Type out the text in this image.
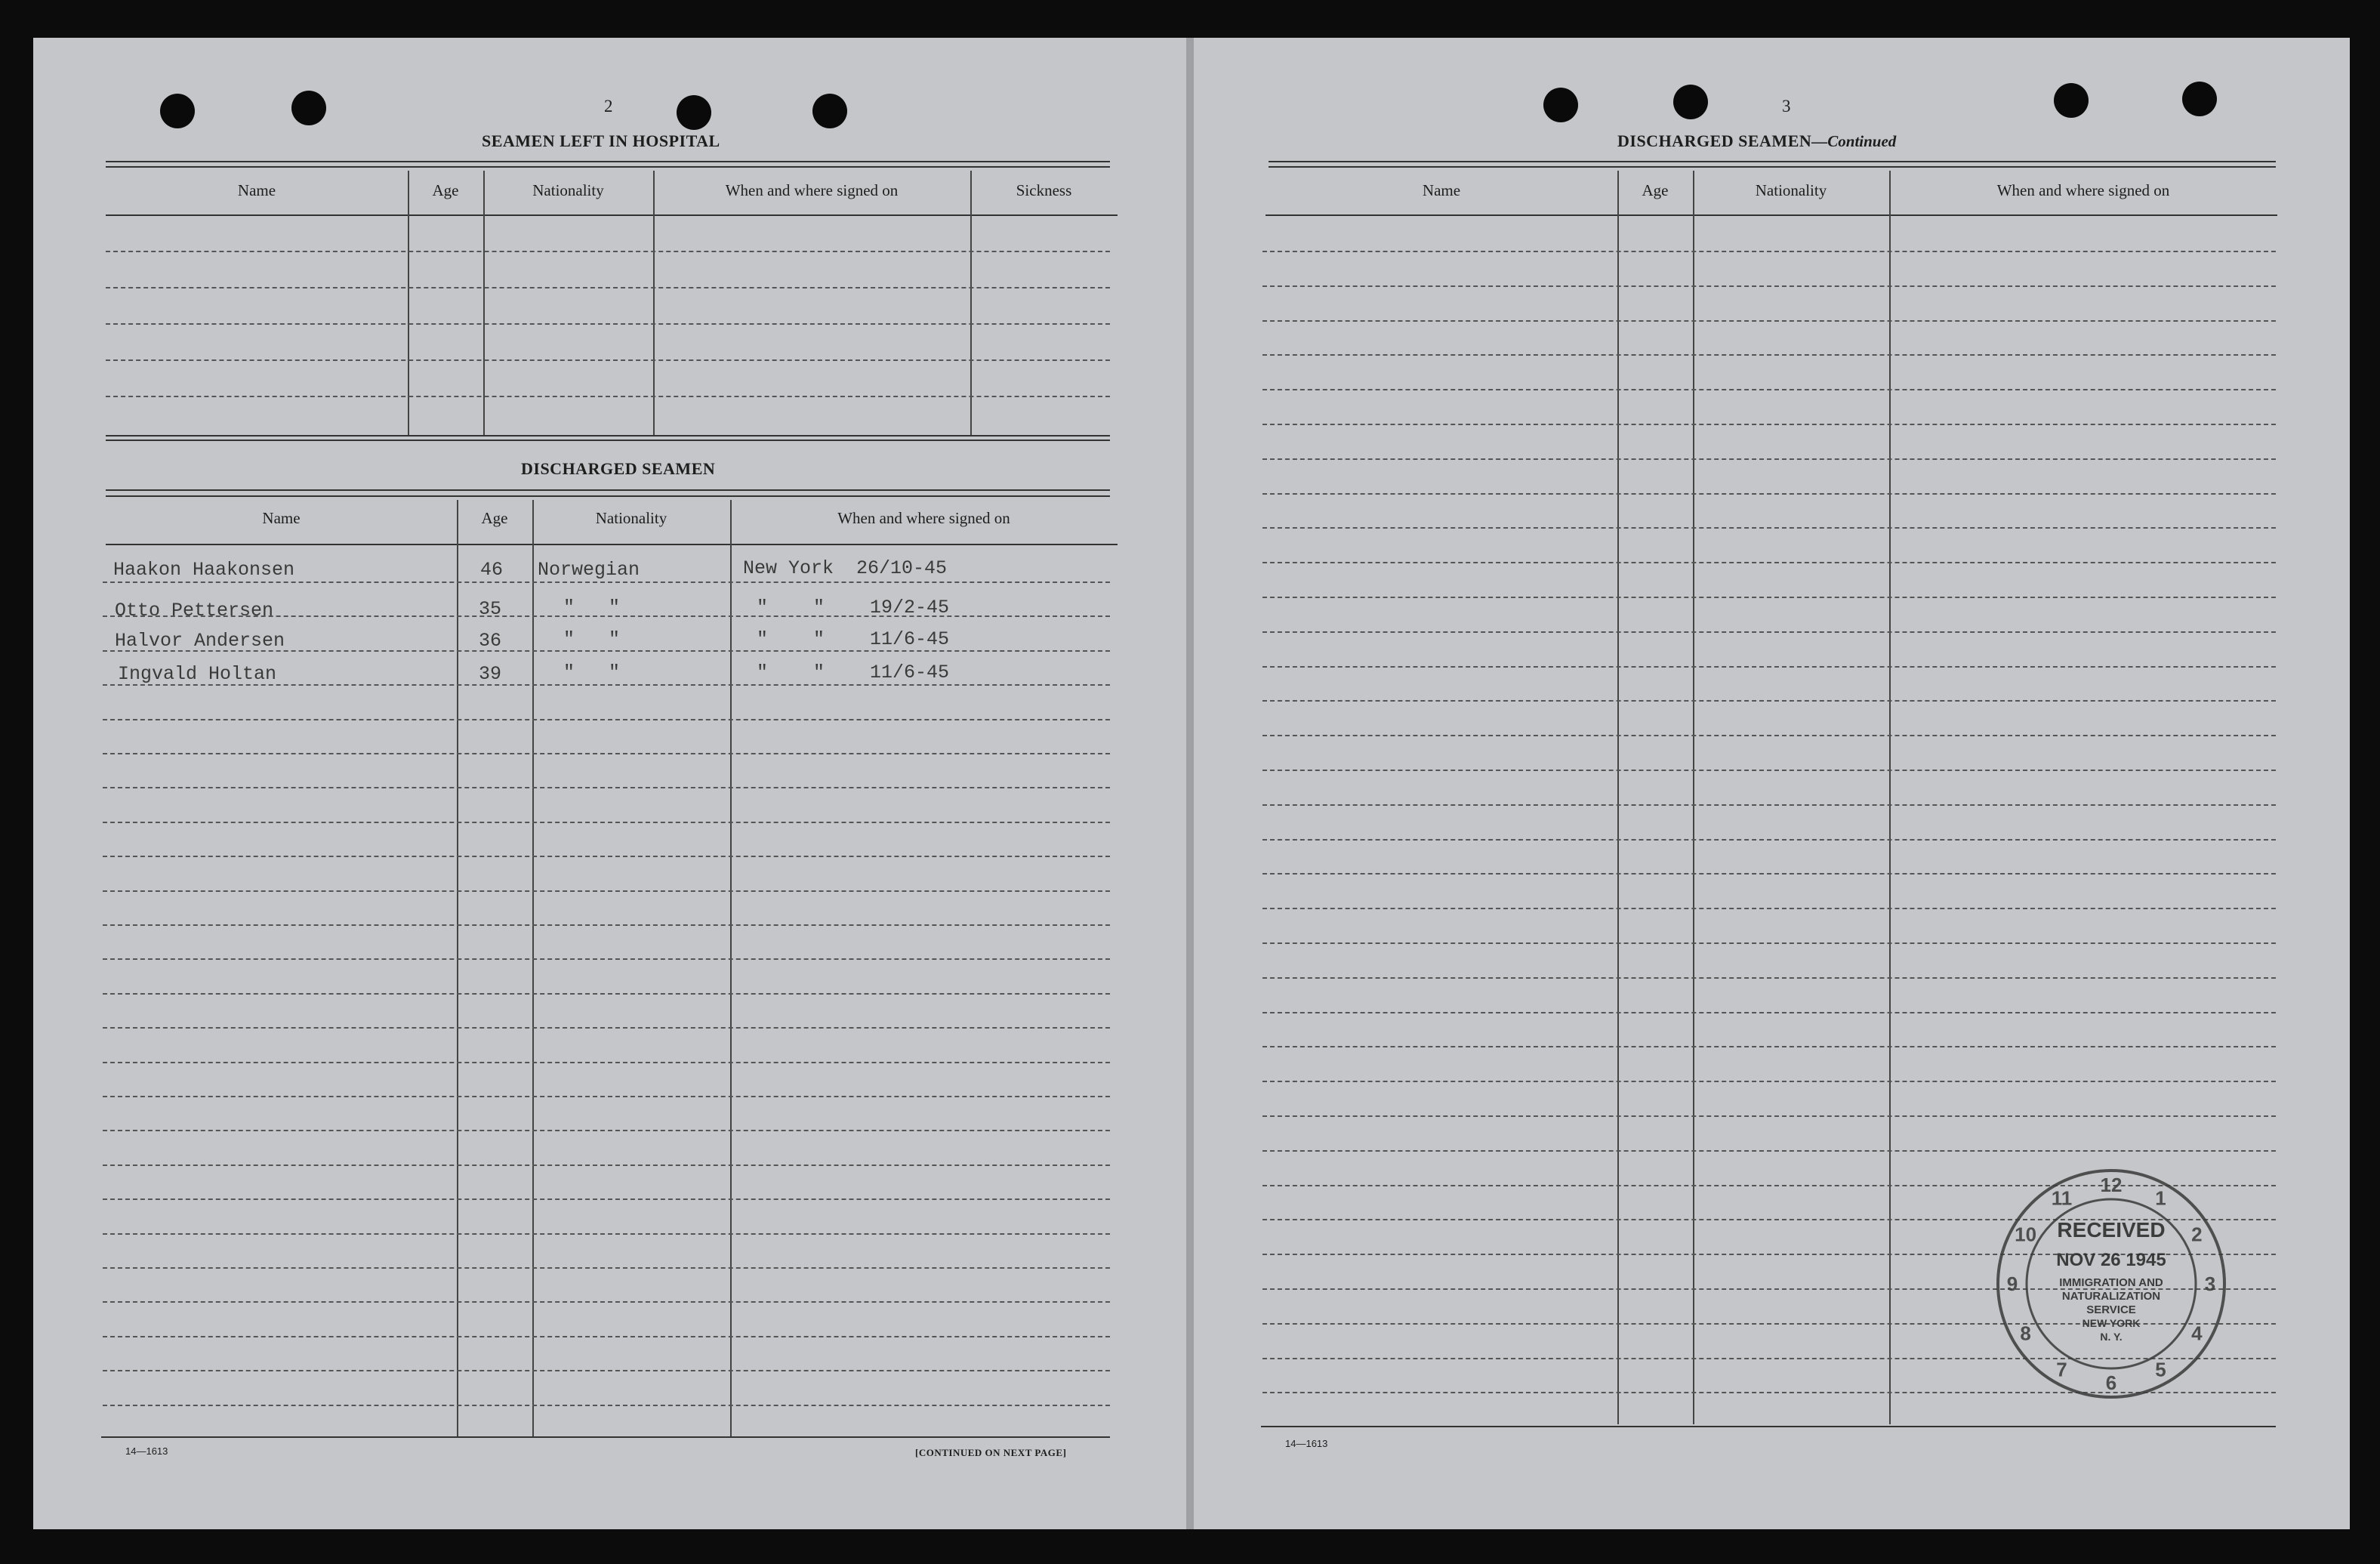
2
SEAMEN LEFT IN HOSPITAL
Name	Age	Nationality	When and where signed on	Sickness
DISCHARGED SEAMEN
Name	Age	Nationality	When and where signed on
Haakon Haakonsen	46 Norwegian	New York  26/10-45
Otto Pettersen	35	"   "	"    "    19/2-45
Halvor Andersen	36	"   "	"    "    11/6-45
Ingvald Holtan	39	"   "	"    "    11/6-45
14—1613	[CONTINUED ON NEXT PAGE]
3
DISCHARGED SEAMEN—Continued
Name	Age	Nationality	When and where signed on
14—1613
12
1
2
3
4
5
6
7
8
9
10
11
RECEIVED
NOV 26 1945
IMMIGRATION AND
NATURALIZATION
SERVICE
NEW YORK
N. Y.
